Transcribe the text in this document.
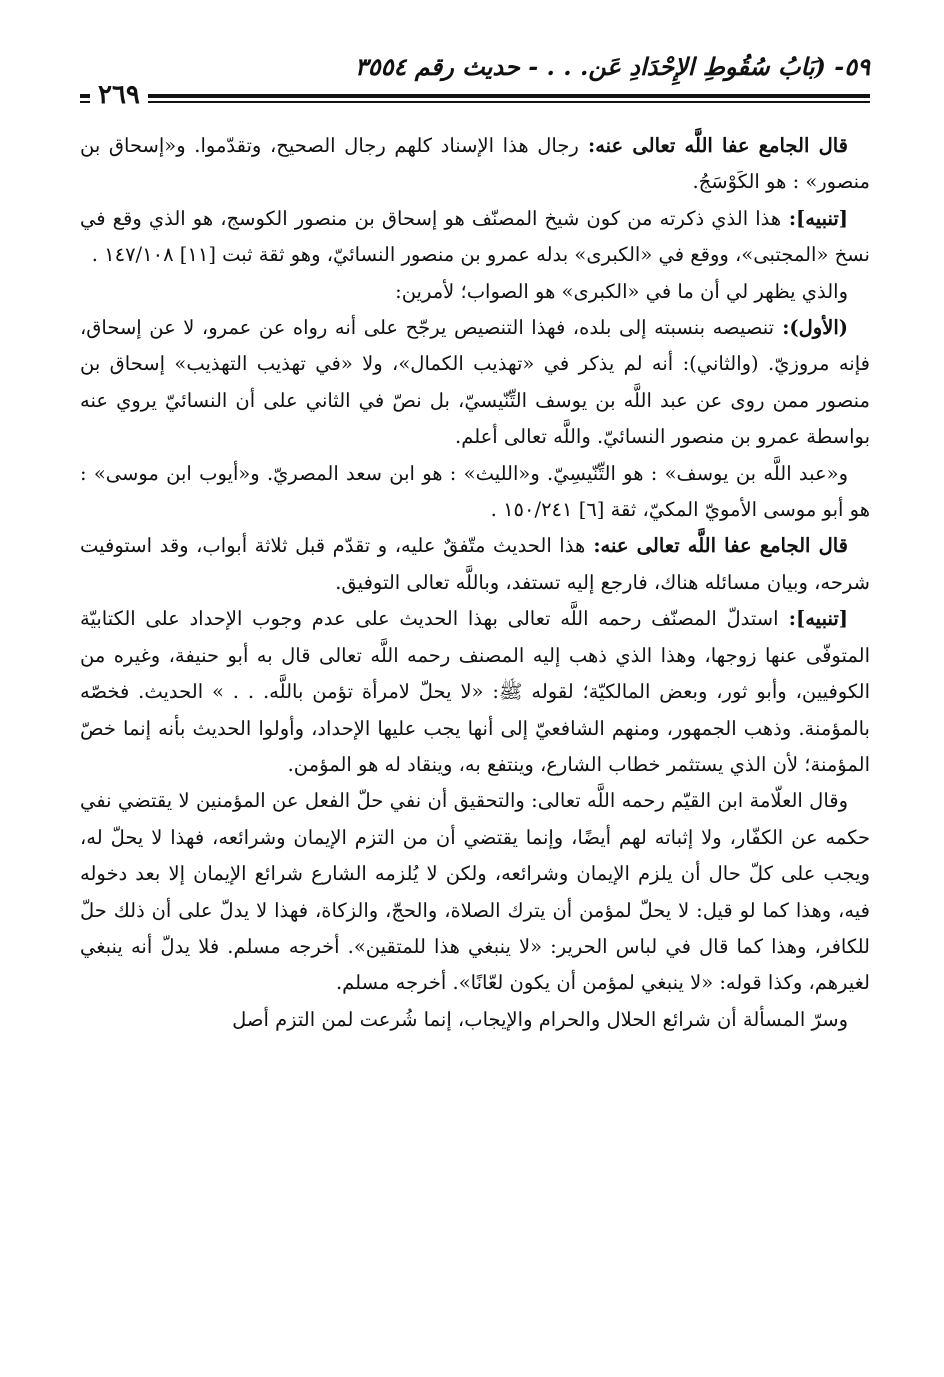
٥٩- (بَابُ سُقُوطِ الإِحْدَادِ عَن. . . - حديث رقم ٣٥٥٤
٢٦٩

قال الجامع عفا اللَّه تعالى عنه: رجال هذا الإسناد كلهم رجال الصحيح، وتقدّموا. و«إسحاق بن منصور» : هو الكَوْسَجُ.

[تنبيه]: هذا الذي ذكرته من كون شيخ المصنّف هو إسحاق بن منصور الكوسج، هو الذي وقع في نسخ «المجتبى»، ووقع في «الكبرى» بدله عمرو بن منصور النسائيّ، وهو ثقة ثبت [١١] ١٤٧/١٠٨ .

والذي يظهر لي أن ما في «الكبرى» هو الصواب؛ لأمرين:

(الأول): تنصيصه بنسبته إلى بلده، فهذا التنصيص يرجّح على أنه رواه عن عمرو، لا عن إسحاق، فإنه مروزيّ. (والثاني): أنه لم يذكر في «تهذيب الكمال»، ولا «في تهذيب التهذيب» إسحاق بن منصور ممن روى عن عبد اللَّه بن يوسف التِّنّيسيّ، بل نصّ في الثاني على أن النسائيّ يروي عنه بواسطة عمرو بن منصور النسائيّ. واللَّه تعالى أعلم.

و«عبد اللَّه بن يوسف» : هو التِّنّيسِيّ. و«الليث» : هو ابن سعد المصريّ. و«أيوب ابن موسى» : هو أبو موسى الأمويّ المكيّ، ثقة [٦] ١٥٠/٢٤١ .

قال الجامع عفا اللَّه تعالى عنه: هذا الحديث متّفقٌ عليه، و تقدّم قبل ثلاثة أبواب، وقد استوفيت شرحه، وبيان مسائله هناك، فارجع إليه تستفد، وباللَّه تعالى التوفيق.

[تنبيه]: استدلّ المصنّف رحمه اللَّه تعالى بهذا الحديث على عدم وجوب الإحداد على الكتابيّة المتوفّى عنها زوجها، وهذا الذي ذهب إليه المصنف رحمه اللَّه تعالى قال به أبو حنيفة، وغيره من الكوفيين، وأبو ثور، وبعض المالكيّة؛ لقوله ﷺ: «لا يحلّ لامرأة تؤمن باللَّه. . . » الحديث. فخصّه بالمؤمنة. وذهب الجمهور، ومنهم الشافعيّ إلى أنها يجب عليها الإحداد، وأولوا الحديث بأنه إنما خصّ المؤمنة؛ لأن الذي يستثمر خطاب الشارع، وينتفع به، وينقاد له هو المؤمن.

وقال العلّامة ابن القيّم رحمه اللَّه تعالى: والتحقيق أن نفي حلّ الفعل عن المؤمنين لا يقتضي نفي حكمه عن الكفّار، ولا إثباته لهم أيضًا، وإنما يقتضي أن من التزم الإيمان وشرائعه، فهذا لا يحلّ له، ويجب على كلّ حال أن يلزم الإيمان وشرائعه، ولكن لا يُلزمه الشارع شرائع الإيمان إلا بعد دخوله فيه، وهذا كما لو قيل: لا يحلّ لمؤمن أن يترك الصلاة، والحجّ، والزكاة، فهذا لا يدلّ على أن ذلك حلّ للكافر، وهذا كما قال في لباس الحرير: «لا ينبغي هذا للمتقين». أخرجه مسلم. فلا يدلّ أنه ينبغي لغيرهم، وكذا قوله: «لا ينبغي لمؤمن أن يكون لعّانًا». أخرجه مسلم.

وسرّ المسألة أن شرائع الحلال والحرام والإيجاب، إنما شُرعت لمن التزم أصل
